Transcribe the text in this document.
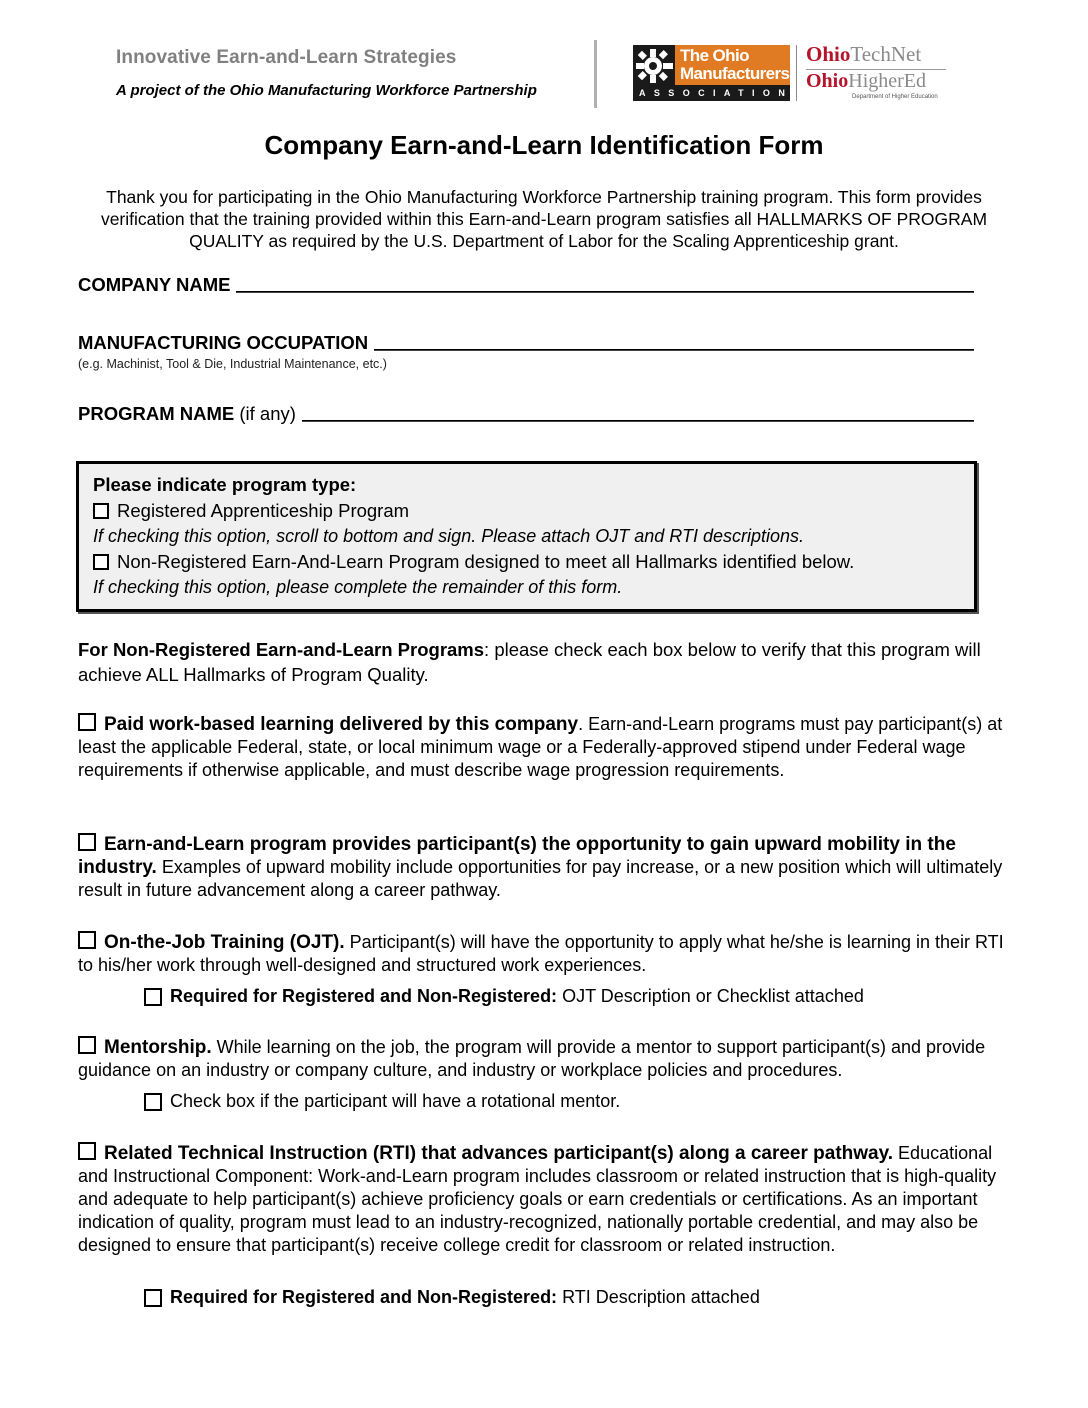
Innovative Earn-and-Learn Strategies
A project of the Ohio Manufacturing Workforce Partnership
The Ohio
Manufacturers'
ASSOCIATION
OhioTechNet
OhioHigherEd
Department of Higher Education
Company Earn-and-Learn Identification Form
Thank you for participating in the Ohio Manufacturing Workforce Partnership training program. This form provides verification that the training provided within this Earn-and-Learn program satisfies all HALLMARKS OF PROGRAM QUALITY as required by the U.S. Department of Labor for the Scaling Apprenticeship grant.
COMPANY NAME
MANUFACTURING OCCUPATION
(e.g. Machinist, Tool & Die, Industrial Maintenance, etc.)
PROGRAM NAME (if any)
Please indicate program type:
Registered Apprenticeship Program
If checking this option, scroll to bottom and sign. Please attach OJT and RTI descriptions.
Non-Registered Earn-And-Learn Program designed to meet all Hallmarks identified below.
If checking this option, please complete the remainder of this form.
For Non-Registered Earn-and-Learn Programs: please check each box below to verify that this program will achieve ALL Hallmarks of Program Quality.
Paid work-based learning delivered by this company. Earn-and-Learn programs must pay participant(s) at least the applicable Federal, state, or local minimum wage or a Federally-approved stipend under Federal wage requirements if otherwise applicable, and must describe wage progression requirements.
Earn-and-Learn program provides participant(s) the opportunity to gain upward mobility in the industry. Examples of upward mobility include opportunities for pay increase, or a new position which will ultimately result in future advancement along a career pathway.
On-the-Job Training (OJT). Participant(s) will have the opportunity to apply what he/she is learning in their RTI to his/her work through well-designed and structured work experiences.
Required for Registered and Non-Registered: OJT Description or Checklist attached
Mentorship. While learning on the job, the program will provide a mentor to support participant(s) and provide guidance on an industry or company culture, and industry or workplace policies and procedures.
Check box if the participant will have a rotational mentor.
Related Technical Instruction (RTI) that advances participant(s) along a career pathway. Educational and Instructional Component: Work-and-Learn program includes classroom or related instruction that is high-quality and adequate to help participant(s) achieve proficiency goals or earn credentials or certifications. As an important indication of quality, program must lead to an industry-recognized, nationally portable credential, and may also be designed to ensure that participant(s) receive college credit for classroom or related instruction.
Required for Registered and Non-Registered: RTI Description attached
